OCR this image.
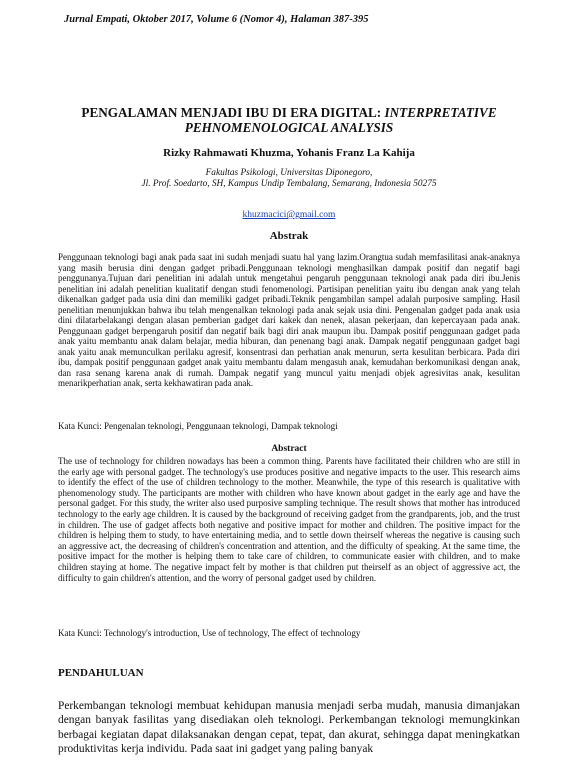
Jurnal Empati, Oktober 2017, Volume 6 (Nomor 4), Halaman 387-395
PENGALAMAN MENJADI IBU DI ERA DIGITAL: INTERPRETATIVE PEHNOMENOLOGICAL ANALYSIS
Rizky Rahmawati Khuzma, Yohanis Franz La Kahija
Fakultas Psikologi, Universitas Diponegoro,
Jl. Prof. Soedarto, SH, Kampus Undip Tembalang, Semarang, Indonesia 50275
khuzmacici@gmail.com
Abstrak

Penggunaan teknologi bagi anak pada saat ini sudah menjadi suatu hal yang lazim.Orangtua sudah memfasilitasi anak-anaknya yang masih berusia dini dengan gadget pribadi.Penggunaan teknologi menghasilkan dampak positif dan negatif bagi penggunanya.Tujuan dari penelitian ini adalah untuk mengetahui pengaruh penggunaan teknologi anak pada diri ibu.Jenis penelitian ini adalah penelitian kualitatif dengan studi fenomenologi. Partisipan penelitian yaitu ibu dengan anak yang telah dikenalkan gadget pada usia dini dan memiliki gadget pribadi.Teknik pengambilan sampel adalah purposive sampling. Hasil penelitian menunjukkan bahwa ibu telah mengenalkan teknologi pada anak sejak usia dini. Pengenalan gadget pada anak usia dini dilatarbelakangi dengan alasan pemberian gadget dari kakek dan nenek, alasan pekerjaan, dan kepercayaan pada anak. Penggunaan gadget berpengaruh positif dan negatif baik bagi diri anak maupun ibu. Dampak positif penggunaan gadget pada anak yaitu membantu anak dalam belajar, media hiburan, dan penenang bagi anak. Dampak negatif penggunaan gadget bagi anak yaitu anak memunculkan perilaku agresif, konsentrasi dan perhatian anak menurun, serta kesulitan berbicara. Pada diri ibu, dampak positif penggunaan gadget anak yaitu membantu dalam mengasuh anak, kemudahan berkomunikasi dengan anak, dan rasa senang karena anak di rumah. Dampak negatif yang muncul yaitu menjadi objek agresivitas anak, kesulitan menarikperhatian anak, serta kekhawatiran pada anak.

Kata Kunci: Pengenalan teknologi, Penggunaan teknologi, Dampak teknologi
Abstract

The use of technology for children nowadays has been a common thing. Parents have facilitated their children who are still in the early age with personal gadget. The technology's use produces positive and negative impacts to the user. This research aims to identify the effect of the use of children technology to the mother. Meanwhile, the type of this research is qualitative with phenomenology study. The participants are mother with children who have known about gadget in the early age and have the personal gadget. For this study, the writer also used purposive sampling technique. The result shows that mother has introduced technology to the early age children. It is caused by the background of receiving gadget from the grandparents, job, and the trust in children. The use of gadget affects both negative and positive impact for mother and children. The positive impact for the children is helping them to study, to have entertaining media, and to settle down theirself whereas the negative is causing such an aggressive act, the decreasing of children's concentration and attention, and the difficulty of speaking. At the same time, the positive impact for the mother is helping them to take care of children, to communicate easier with children, and to make children staying at home. The negative impact felt by mother is that children put theirself as an object of aggressive act, the difficulty to gain children's attention, and the worry of personal gadget used by children.

Kata Kunci: Technology's introduction, Use of technology, The effect of technology
PENDAHULUAN

Perkembangan teknologi membuat kehidupan manusia menjadi serba mudah, manusia dimanjakan dengan banyak fasilitas yang disediakan oleh teknologi. Perkembangan teknologi memungkinkan berbagai kegiatan dapat dilaksanakan dengan cepat, tepat, dan akurat, sehingga dapat meningkatkan produktivitas kerja individu. Pada saat ini gadget yang paling banyak
